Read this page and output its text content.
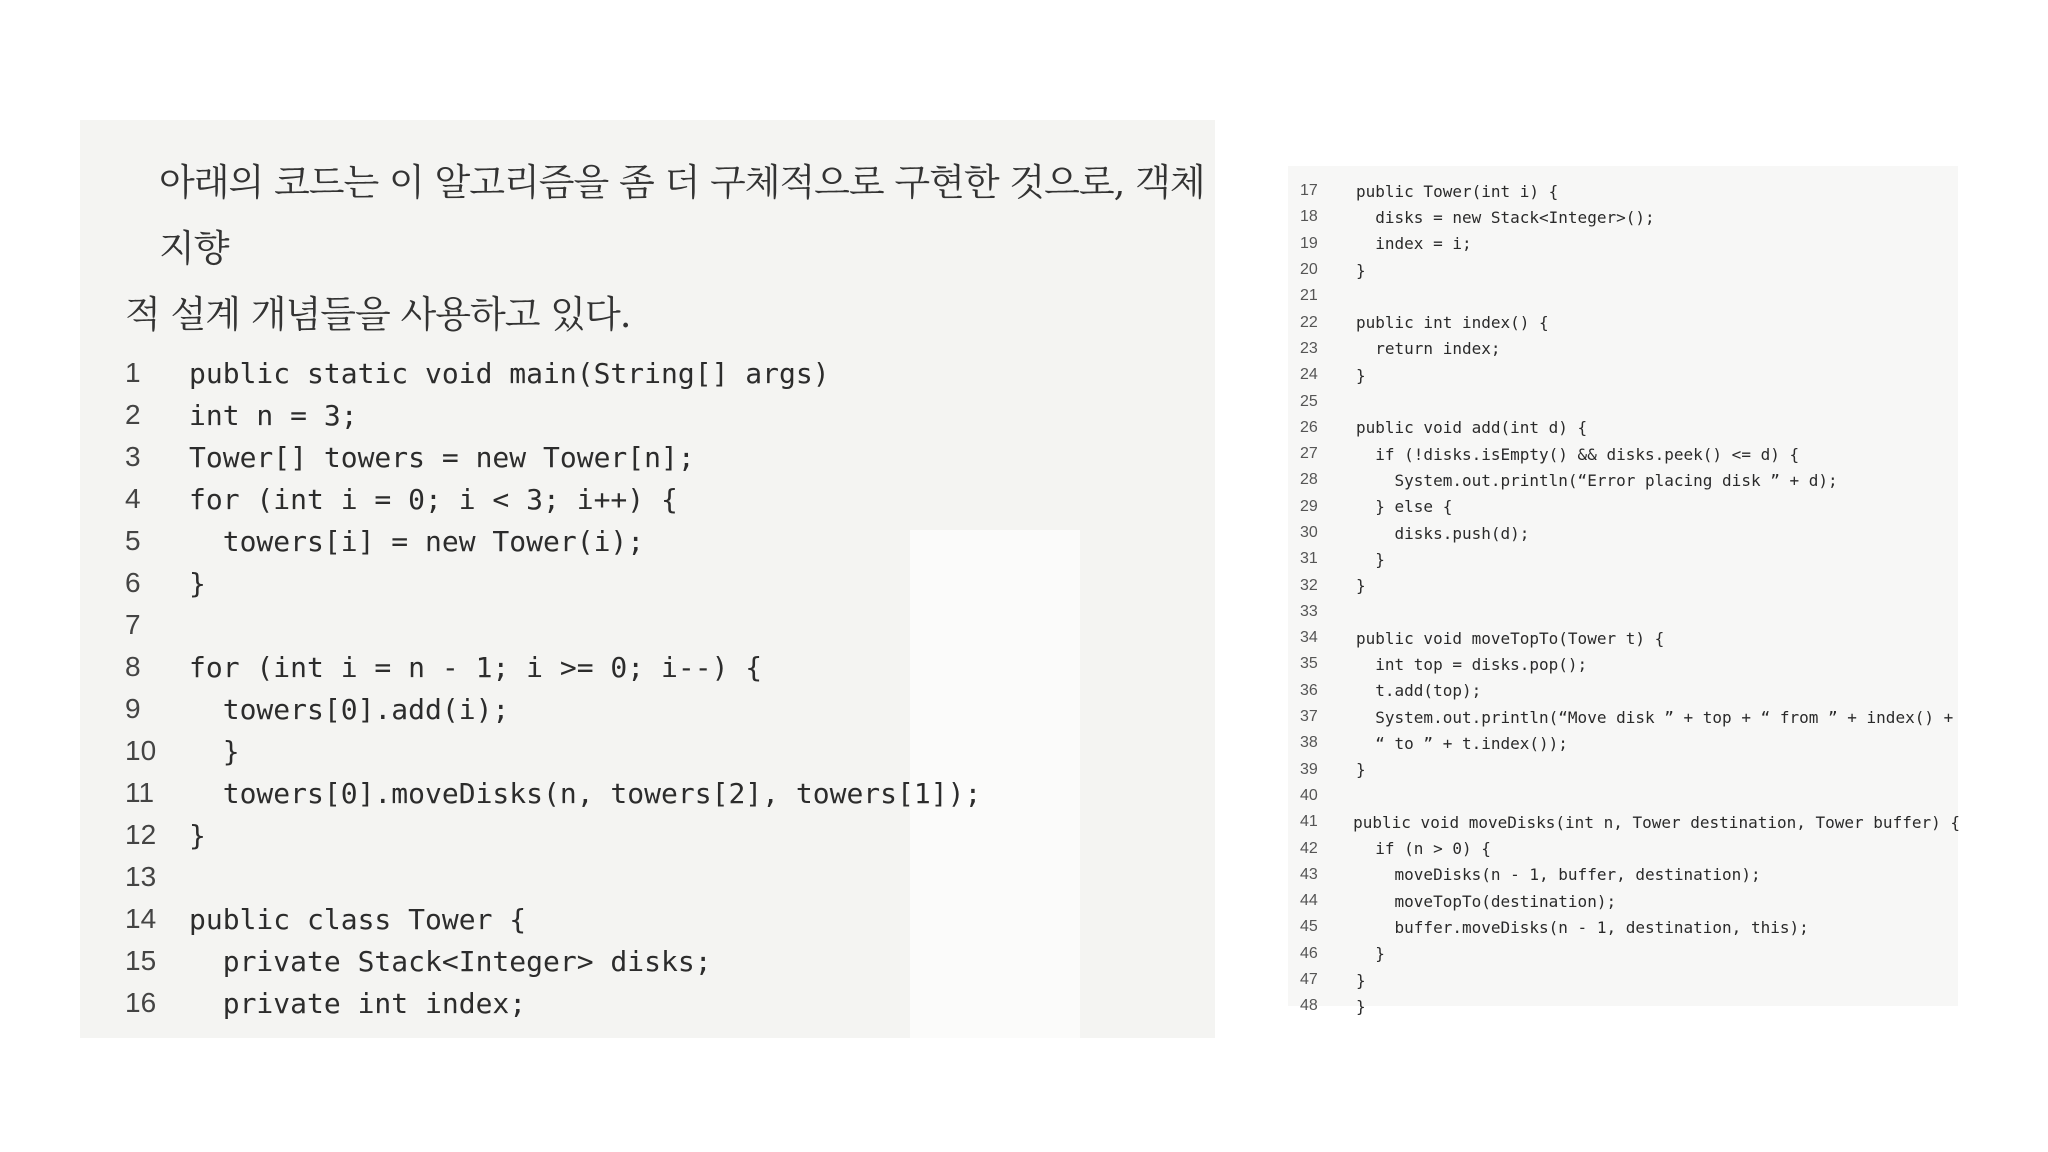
아래의 코드는 이 알고리즘을 좀 더 구체적으로 구현한 것으로, 객체 지향
적 설계 개념들을 사용하고 있다.
1	public static void main(String[] args)
2	int n = 3;
3	Tower[] towers = new Tower[n];
4	for (int i = 0; i < 3; i++) {
5	towers[i] = new Tower(i);
6	}
7
8	for (int i = n - 1; i >= 0; i--) {
9	towers[0].add(i);
10	}
11	towers[0].moveDisks(n, towers[2], towers[1]);
12	}
13
14	public class Tower {
15	private Stack<Integer> disks;
16	private int index;
17	public Tower(int i) {
18	disks = new Stack<Integer>();
19	index = i;
20	}
21
22	public int index() {
23	return index;
24	}
25
26	public void add(int d) {
27	if (!disks.isEmpty() && disks.peek() <= d) {
28	System.out.println(“Error placing disk ” + d);
29	} else {
30	disks.push(d);
31	}
32	}
33
34	public void moveTopTo(Tower t) {
35	int top = disks.pop();
36	t.add(top);
37	System.out.println(“Move disk ” + top + “ from ” + index() +
38	“ to ” + t.index());
39	}
40
41	public void moveDisks(int n, Tower destination, Tower buffer) {
42	if (n > 0) {
43	moveDisks(n - 1, buffer, destination);
44	moveTopTo(destination);
45	buffer.moveDisks(n - 1, destination, this);
46	}
47	}
48	}
